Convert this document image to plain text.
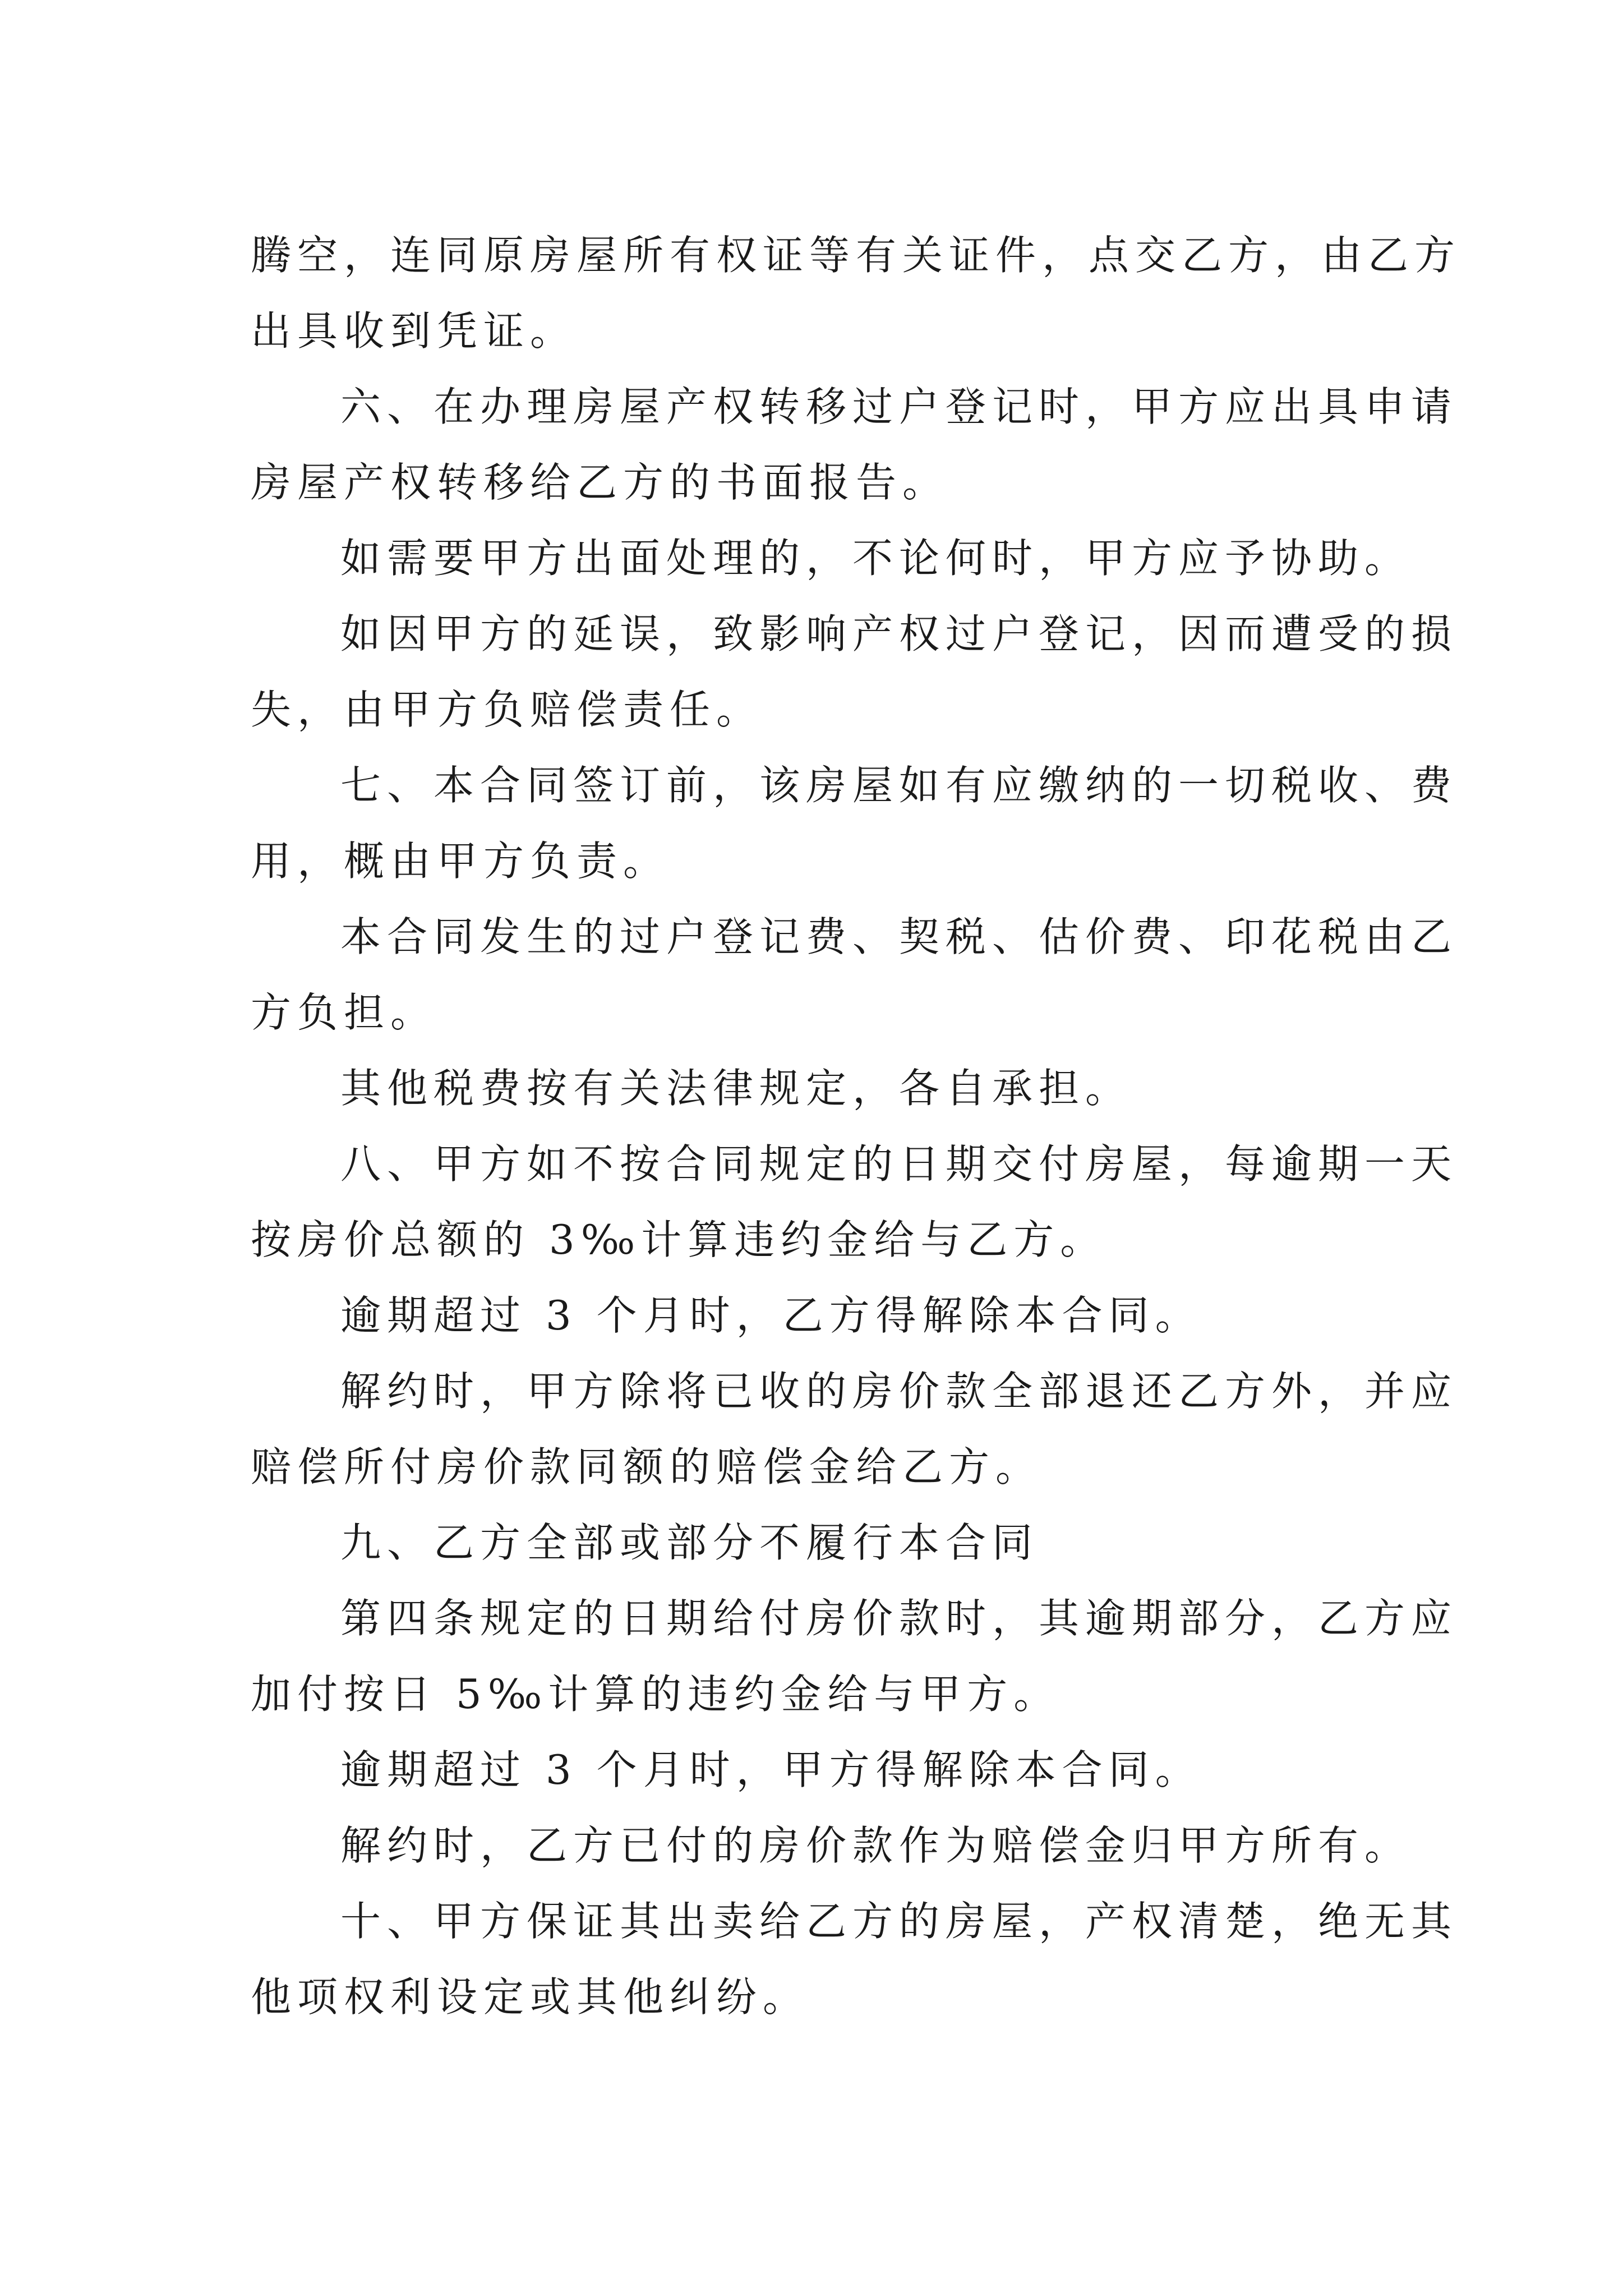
腾空，连同原房屋所有权证等有关证件，点交乙方，由乙方
出具收到凭证。
六、在办理房屋产权转移过户登记时，甲方应出具申请
房屋产权转移给乙方的书面报告。
如需要甲方出面处理的，不论何时，甲方应予协助。
如因甲方的延误，致影响产权过户登记，因而遭受的损
失，由甲方负赔偿责任。
七、本合同签订前，该房屋如有应缴纳的一切税收、费
用，概由甲方负责。
本合同发生的过户登记费、契税、估价费、印花税由乙
方负担。
其他税费按有关法律规定，各自承担。
八、甲方如不按合同规定的日期交付房屋，每逾期一天
按房价总额的 3‰计算违约金给与乙方。
逾期超过 3 个月时，乙方得解除本合同。
解约时，甲方除将已收的房价款全部退还乙方外，并应
赔偿所付房价款同额的赔偿金给乙方。
九、乙方全部或部分不履行本合同
第四条规定的日期给付房价款时，其逾期部分，乙方应
加付按日 5‰计算的违约金给与甲方。
逾期超过 3 个月时，甲方得解除本合同。
解约时，乙方已付的房价款作为赔偿金归甲方所有。
十、甲方保证其出卖给乙方的房屋，产权清楚，绝无其
他项权利设定或其他纠纷。
